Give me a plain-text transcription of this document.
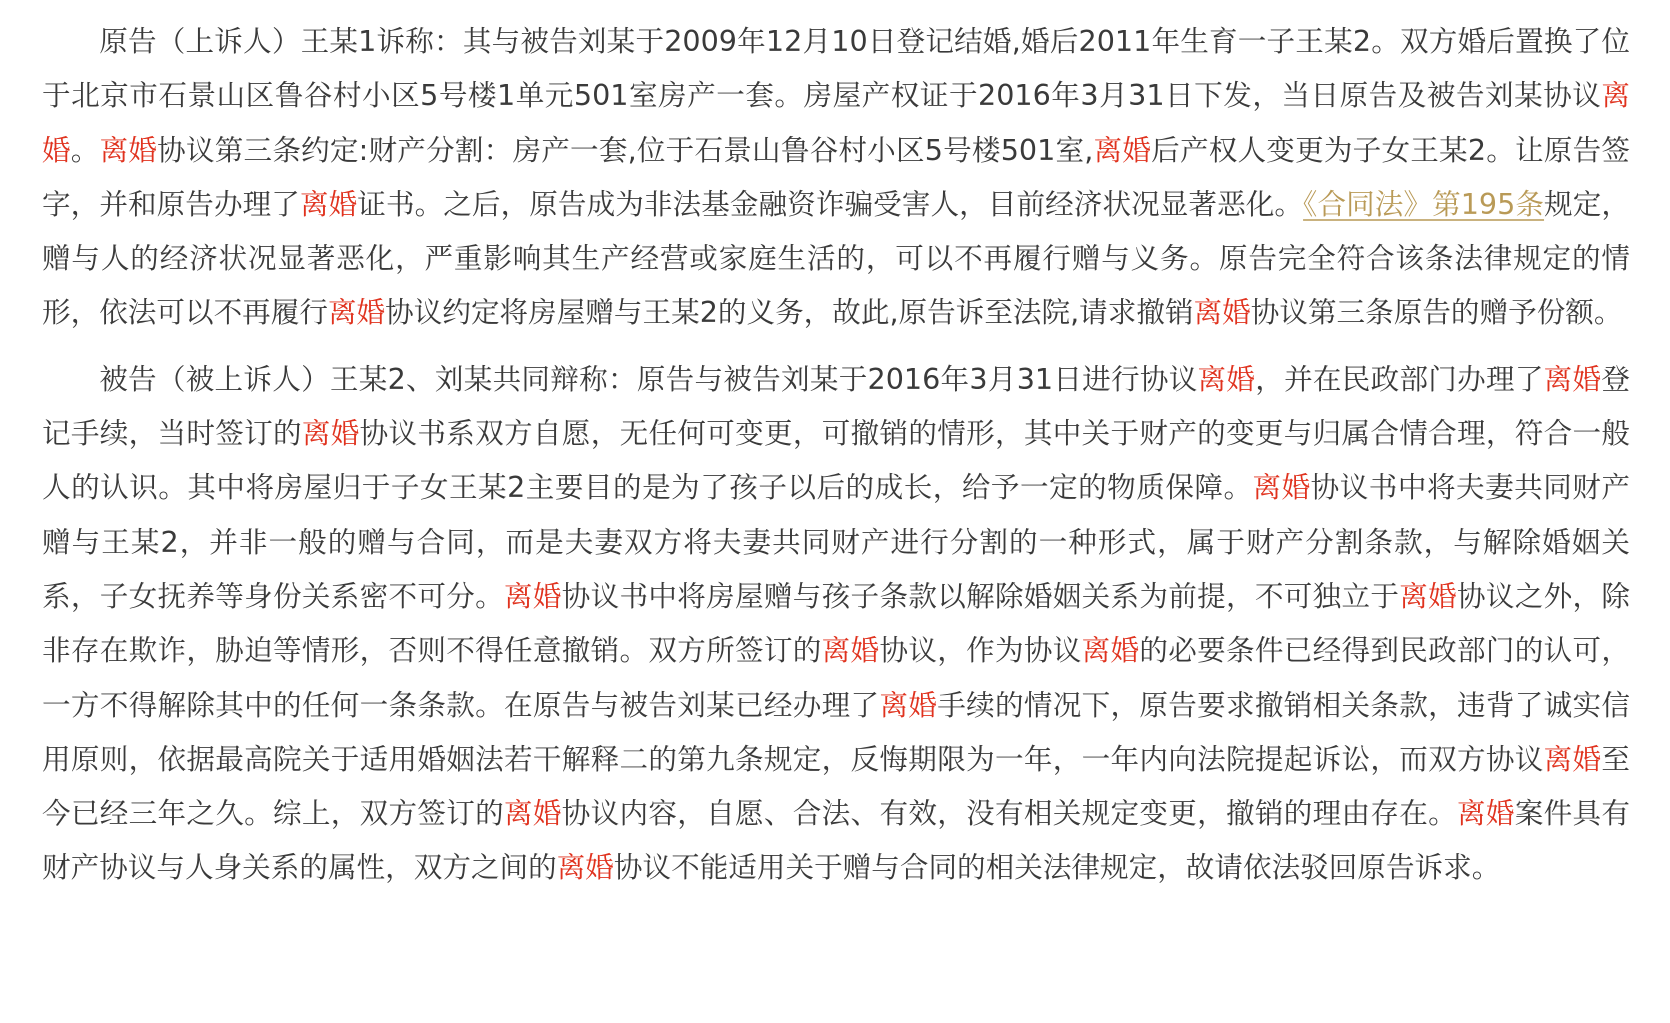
原告（上诉人）王某1诉称：其与被告刘某于2009年12月10日登记结婚,婚后2011年生育一子王某2。双方婚后置换了位于北京市石景山区鲁谷村小区5号楼1单元501室房产一套。房屋产权证于2016年3月31日下发，当日原告及被告刘某协议离婚。离婚协议第三条约定:财产分割：房产一套,位于石景山鲁谷村小区5号楼501室,离婚后产权人变更为子女王某2。让原告签字，并和原告办理了离婚证书。之后，原告成为非法基金融资诈骗受害人，目前经济状况显著恶化。《合同法》第195条规定，赠与人的经济状况显著恶化，严重影响其生产经营或家庭生活的，可以不再履行赠与义务。原告完全符合该条法律规定的情形，依法可以不再履行离婚协议约定将房屋赠与王某2的义务，故此,原告诉至法院,请求撤销离婚协议第三条原告的赠予份额。

被告（被上诉人）王某2、刘某共同辩称：原告与被告刘某于2016年3月31日进行协议离婚，并在民政部门办理了离婚登记手续，当时签订的离婚协议书系双方自愿，无任何可变更，可撤销的情形，其中关于财产的变更与归属合情合理，符合一般人的认识。其中将房屋归于子女王某2主要目的是为了孩子以后的成长，给予一定的物质保障。离婚协议书中将夫妻共同财产赠与王某2，并非一般的赠与合同，而是夫妻双方将夫妻共同财产进行分割的一种形式，属于财产分割条款，与解除婚姻关系，子女抚养等身份关系密不可分。离婚协议书中将房屋赠与孩子条款以解除婚姻关系为前提，不可独立于离婚协议之外，除非存在欺诈，胁迫等情形，否则不得任意撤销。双方所签订的离婚协议，作为协议离婚的必要条件已经得到民政部门的认可，一方不得解除其中的任何一条条款。在原告与被告刘某已经办理了离婚手续的情况下，原告要求撤销相关条款，违背了诚实信用原则，依据最高院关于适用婚姻法若干解释二的第九条规定，反悔期限为一年，一年内向法院提起诉讼，而双方协议离婚至今已经三年之久。综上，双方签订的离婚协议内容，自愿、合法、有效，没有相关规定变更，撤销的理由存在。离婚案件具有财产协议与人身关系的属性，双方之间的离婚协议不能适用关于赠与合同的相关法律规定，故请依法驳回原告诉求。
